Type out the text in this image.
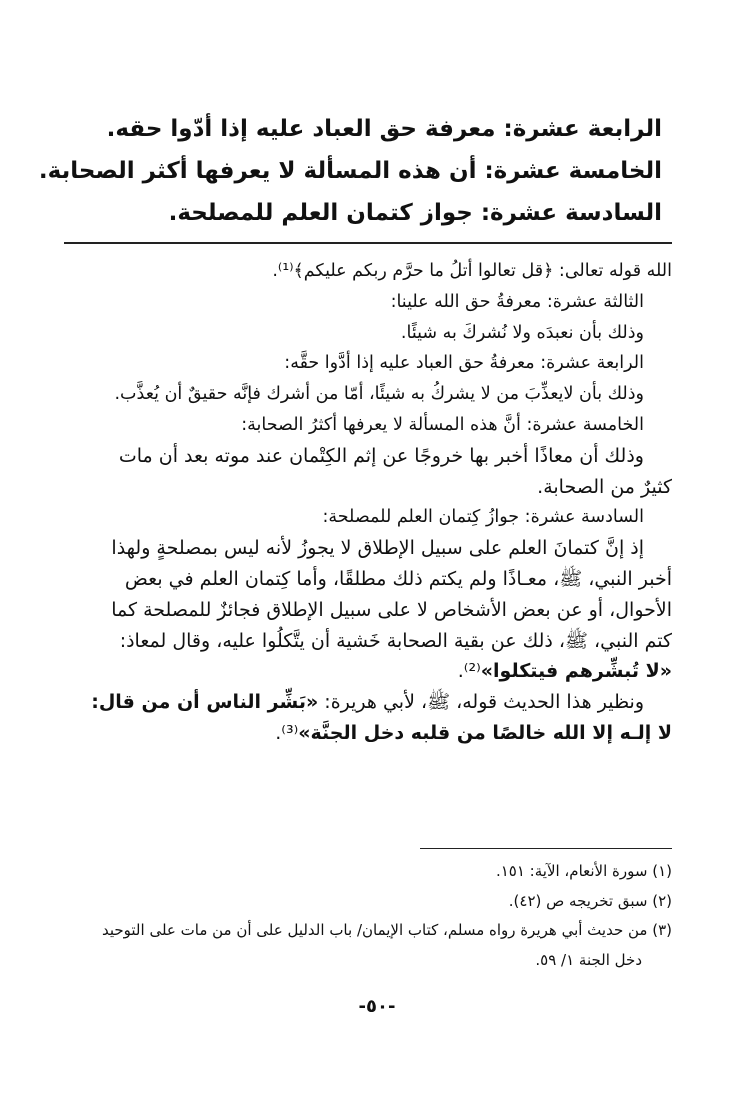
الرابعة عشرة: معرفة حق العباد عليه إذا أدّوا حقه.

الخامسة عشرة: أن هذه المسألة لا يعرفها أكثر الصحابة.

السادسة عشرة: جواز كتمان العلم للمصلحة.

الله قوله تعالى: ﴿قل تعالوا أتلُ ما حرَّم ربكم عليكم﴾⁽¹⁾.
الثالثة عشرة: معرفةُ حق الله علينا:
وذلك بأن نعبدَه ولا نُشركَ به شيئًا.
الرابعة عشرة: معرفةُ حق العباد عليه إذا أدَّوا حقَّه:
وذلك بأن لايعذِّبَ من لا يشركُ به شيئًا، أمّا من أشرك فإنَّه حقيقٌ أن يُعذَّب.
الخامسة عشرة: أنَّ هذه المسألة لا يعرفها أكثرُ الصحابة:
وذلك أن معاذًا أخبر بها خروجًا عن إثم الكِتْمان عند موته بعد أن مات
كثيرٌ من الصحابة.
السادسة عشرة: جوازُ كِتمان العلم للمصلحة:
إذ إنَّ كتمانَ العلم على سبيل الإطلاق لا يجوزُ لأنه ليس بمصلحةٍ ولهذا
أخبر النبي، ﷺ، معـاذًا ولم يكتم ذلك مطلقًا، وأما كِتمان العلم في بعض
الأحوال، أو عن بعض الأشخاص لا على سبيل الإطلاق فجائزٌ للمصلحة كما
كتم النبي، ﷺ، ذلك عن بقية الصحابة خَشية أن يتَّكلُوا عليه، وقال لمعاذ:
«لا تُبشِّرهم فيتكلوا»⁽²⁾.
ونظير هذا الحديث قوله، ﷺ، لأبي هريرة: «بَشِّر الناس أن من قال:
لا إلـه إلا الله خالصًا من قلبه دخل الجنَّة»⁽³⁾.
(١) سورة الأنعام، الآية: ١٥١.
(٢) سبق تخريجه ص (٤٢).
(٣) من حديث أبي هريرة رواه مسلم، كتاب الإيمان/ باب الدليل على أن من مات على التوحيد
دخل الجنة ١/ ٥٩.
-٥٠-
